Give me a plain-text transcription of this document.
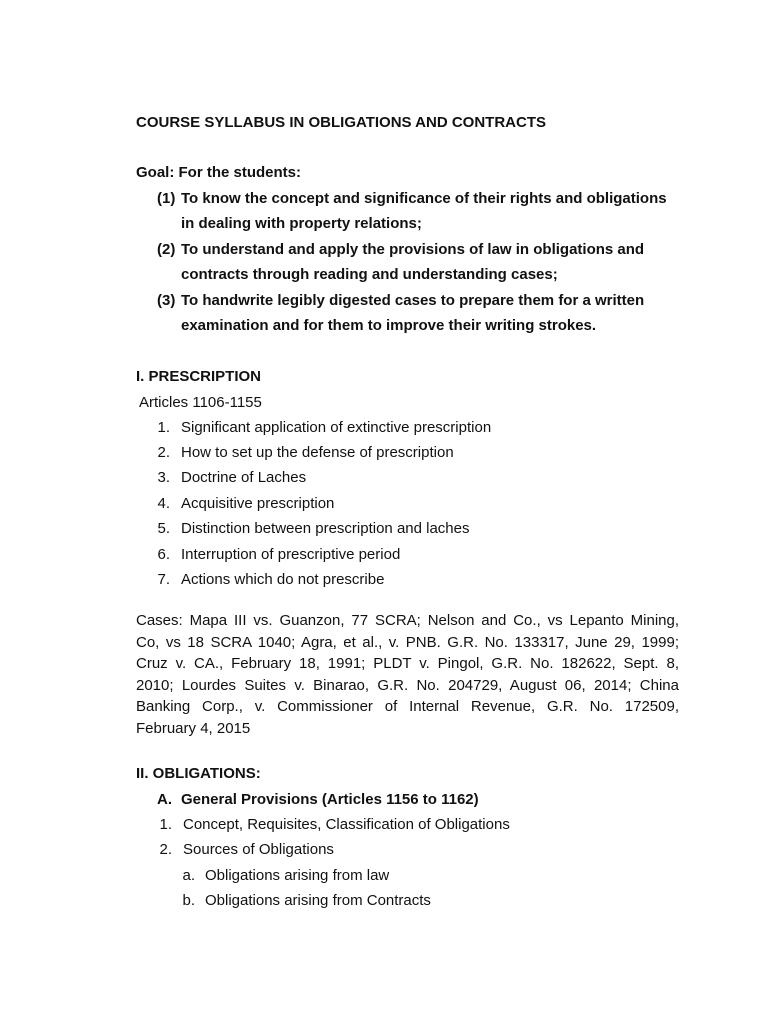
COURSE SYLLABUS IN OBLIGATIONS AND CONTRACTS
Goal: For the students:
(1) To know the concept and significance of their rights and obligations
in dealing with property relations;
(2) To understand and apply the provisions of law in obligations and
contracts through reading and understanding cases;
(3) To handwrite legibly digested cases to prepare them for a written
examination and for them to improve their writing strokes.
I. PRESCRIPTION
Articles 1106-1155
1. Significant application of extinctive prescription
2. How to set up the defense of prescription
3. Doctrine of Laches
4. Acquisitive prescription
5. Distinction between prescription and laches
6. Interruption of prescriptive period
7. Actions which do not prescribe
Cases: Mapa III vs. Guanzon, 77 SCRA; Nelson and Co., vs Lepanto Mining,
Co, vs 18 SCRA 1040; Agra, et al., v. PNB. G.R. No. 133317, June 29, 1999;
Cruz v. CA., February 18, 1991; PLDT v. Pingol, G.R. No. 182622, Sept. 8,
2010; Lourdes Suites v. Binarao, G.R. No. 204729, August 06, 2014; China
Banking Corp., v. Commissioner of Internal Revenue, G.R. No. 172509,
February 4, 2015
II. OBLIGATIONS:
A. General Provisions (Articles 1156 to 1162)
1. Concept, Requisites, Classification of Obligations
2. Sources of Obligations
a. Obligations arising from law
b. Obligations arising from Contracts
